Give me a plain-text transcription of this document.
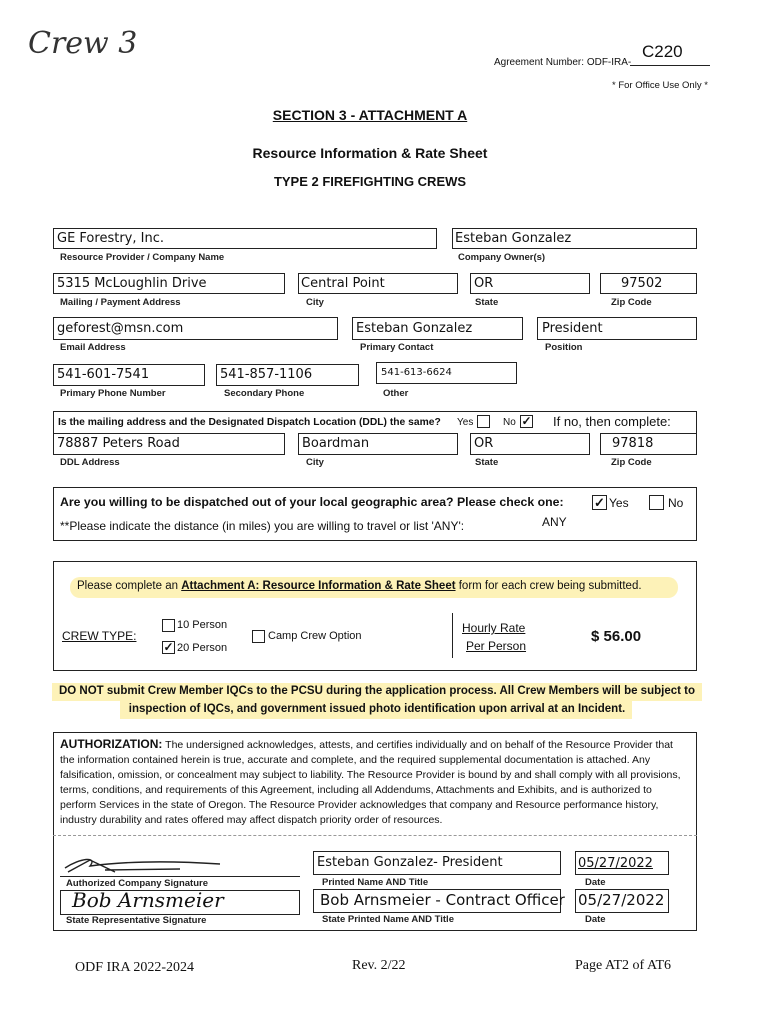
Crew 3
Agreement Number: ODF-IRA-
C220
* For Office Use Only *
SECTION 3 - ATTACHMENT A
Resource Information & Rate Sheet
TYPE 2 FIREFIGHTING CREWS
GE Forestry, Inc.
Resource Provider / Company Name
Esteban Gonzalez
Company Owner(s)
5315 McLoughlin Drive
Mailing / Payment Address
Central Point
City
OR
State
97502
Zip Code
geforest@msn.com
Email Address
Esteban Gonzalez
Primary Contact
President
Position
541-601-7541
Primary Phone Number
541-857-1106
Secondary Phone
541-613-6624
Other
Is the mailing address and the Designated Dispatch Location (DDL) the same? Yes	No ✓ If no, then complete:
78887 Peters Road
DDL Address
Boardman
City
OR
State
97818
Zip Code
Are you willing to be dispatched out of your local geographic area? Please check one: ✓ Yes	No
**Please indicate the distance (in miles) you are willing to travel or list 'ANY':	ANY
Please complete an Attachment A: Resource Information & Rate Sheet form for each crew being submitted.
CREW TYPE:
10 Person
✓ 20 Person
Camp Crew Option
Hourly Rate
Per Person
$ 56.00
DO NOT submit Crew Member IQCs to the PCSU during the application process. All Crew Members will be subject to
inspection of IQCs, and government issued photo identification upon arrival at an Incident.
AUTHORIZATION: The undersigned acknowledges, attests, and certifies individually and on behalf of the Resource Provider that the information contained herein is true, accurate and complete, and the required supplemental documentation is attached. Any falsification, omission, or concealment may subject to liability. The Resource Provider is bound by and shall comply with all provisions, terms, conditions, and requirements of this Agreement, including all Addendums, Attachments and Exhibits, and is authorized to perform Services in the state of Oregon. The Resource Provider acknowledges that company and Resource performance history, industry durability and rates offered may affect dispatch priority order of resources.
Authorized Company Signature
Esteban Gonzalez- President
Printed Name AND Title
05/27/2022
Date
Bob Arnsmeier
State Representative Signature
Bob Arnsmeier - Contract Officer
State Printed Name AND Title
05/27/2022
Date
ODF IRA 2022-2024	Rev. 2/22	Page AT2 of AT6
